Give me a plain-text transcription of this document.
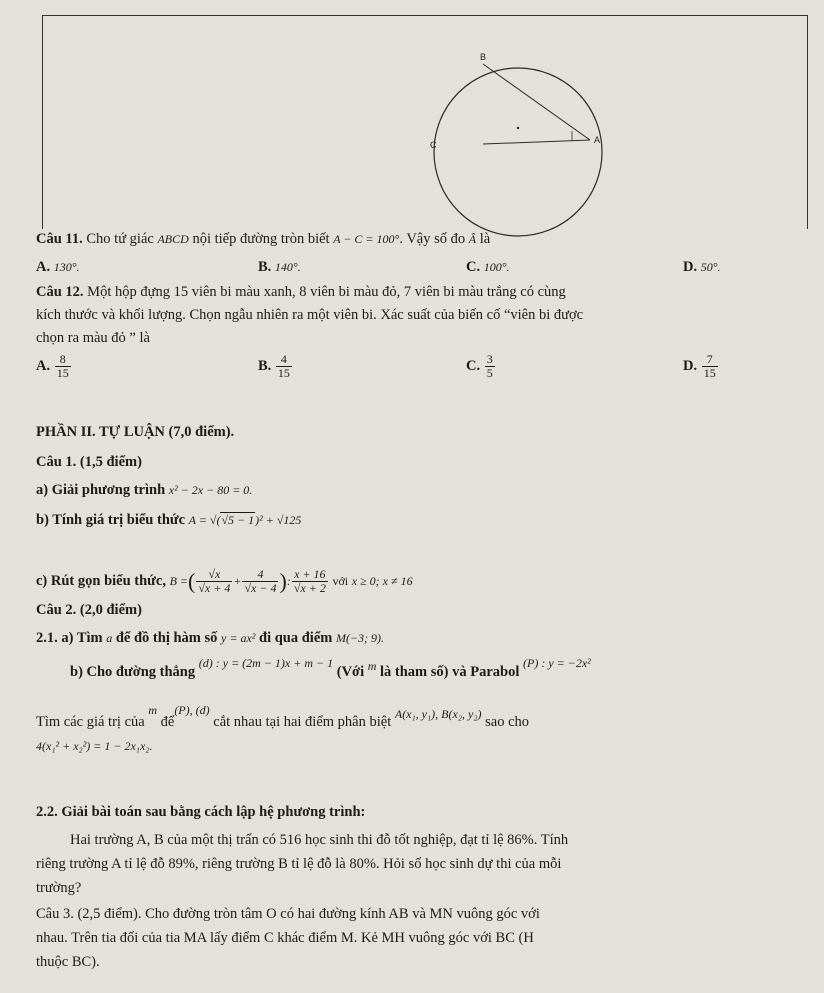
B
C	A
Câu 11. Cho tứ giác ABCD nội tiếp đường tròn biết A − C = 100°. Vậy số đo Â là
A. 130°.	B. 140°.	C. 100°.	D. 50°.
Câu 12. Một hộp đựng 15 viên bi màu xanh, 8 viên bi màu đỏ, 7 viên bi màu trắng có cùng
kích thước và khối lượng. Chọn ngẫu nhiên ra một viên bi. Xác suất của biến cố “viên bi được
chọn ra màu đỏ ” là
A. $\frac{8}{15}$	B. $\frac{4}{15}$	C. $\frac{3}{5}$	D. $\frac{7}{15}$
PHẦN II. TỰ LUẬN (7,0 điểm).
Câu 1. (1,5 điểm)
a) Giải phương trình x² − 2x − 80 = 0.
b) Tính giá trị biểu thức A = √(√5 − 1)² + √125
c) Rút gọn biểu thức, B =( $\frac{√x}{√x + 4} + \frac{4}{√x - 4}$ ): $\frac{x + 16}{√x + 2}$ với x ≥ 0; x ≠ 16
Câu 2. (2,0 điểm)
2.1. a) Tìm a để đồ thị hàm số y = ax² đi qua điểm M(−3; 9).
b) Cho đường thẳng $^{(d) : y = (2m - 1)x + m - 1}$ (Với $^m$ là tham số) và Parabol $^{(P) : y = -2x^2}$
Tìm các giá trị của $^m$ để$^{(P), (d)}$ cắt nhau tại hai điểm phân biệt $^{A(x_1, y_1), B(x_2, y_2)}$ sao cho
4(x₁² + x₂²) = 1 − 2x₁x₂.
2.2. Giải bài toán sau bằng cách lập hệ phương trình:
Hai trường A, B của một thị trấn có 516 học sinh thi đỗ tốt nghiệp, đạt tỉ lệ 86%. Tính
riêng trường A tỉ lệ đỗ 89%, riêng trường B tỉ lệ đỗ là 80%. Hỏi số học sinh dự thi của mỗi
trường?
Câu 3. (2,5 điểm). Cho đường tròn tâm O có hai đường kính AB và MN vuông góc với
nhau. Trên tia đối của tia MA lấy điểm C khác điểm M. Kẻ MH vuông góc với BC (H
thuộc BC).
